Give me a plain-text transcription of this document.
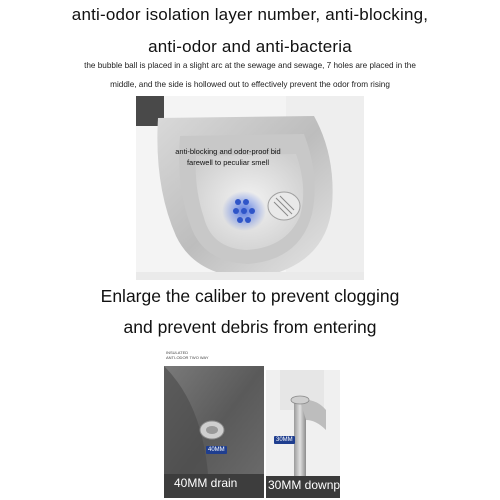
anti-odor isolation layer number, anti-blocking,
anti-odor and anti-bacteria
the bubble ball is placed in a slight arc at the sewage and sewage, 7 holes are placed in the
middle, and the side is hollowed out to effectively prevent the odor from rising
anti-blocking and odor-proof bid
farewell to peculiar smell
Enlarge the caliber to prevent clogging
and prevent debris from entering
INSULATED
ANTI-ODOR TWO WAY
40MM
40MM drain
30MM
30MM downpipe
